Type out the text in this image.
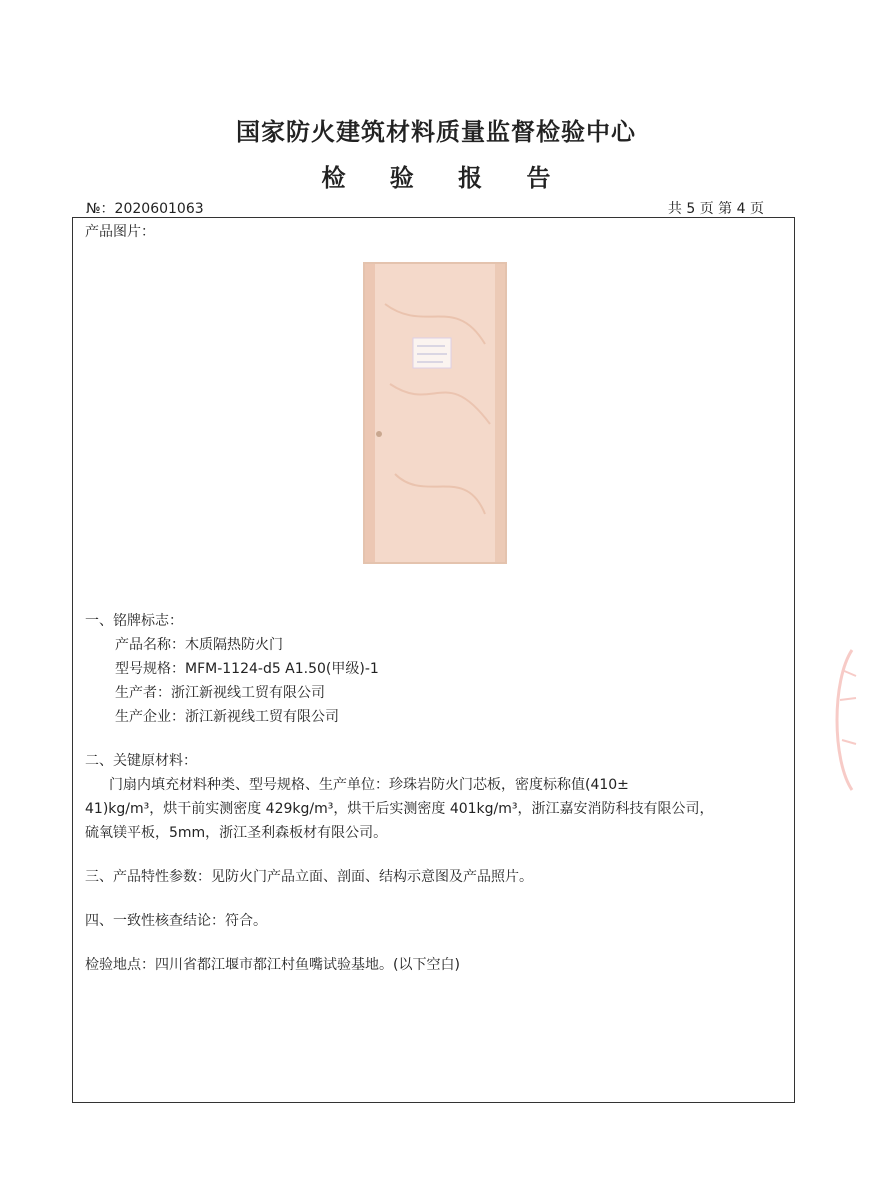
国家防火建筑材料质量监督检验中心
检 验 报 告
№：2020601063	共 5 页 第 4 页
产品图片：
一、铭牌标志：
产品名称：木质隔热防火门
型号规格：MFM-1124-d5 A1.50(甲级)-1
生产者：浙江新视线工贸有限公司
生产企业：浙江新视线工贸有限公司
二、关键原材料：
门扇内填充材料种类、型号规格、生产单位：珍珠岩防火门芯板，密度标称值(410±
41)kg/m³，烘干前实测密度 429kg/m³，烘干后实测密度 401kg/m³，浙江嘉安消防科技有限公司，
硫氧镁平板，5mm，浙江圣利森板材有限公司。
三、产品特性参数：见防火门产品立面、剖面、结构示意图及产品照片。
四、一致性核查结论：符合。
检验地点：四川省都江堰市都江村鱼嘴试验基地。(以下空白)
